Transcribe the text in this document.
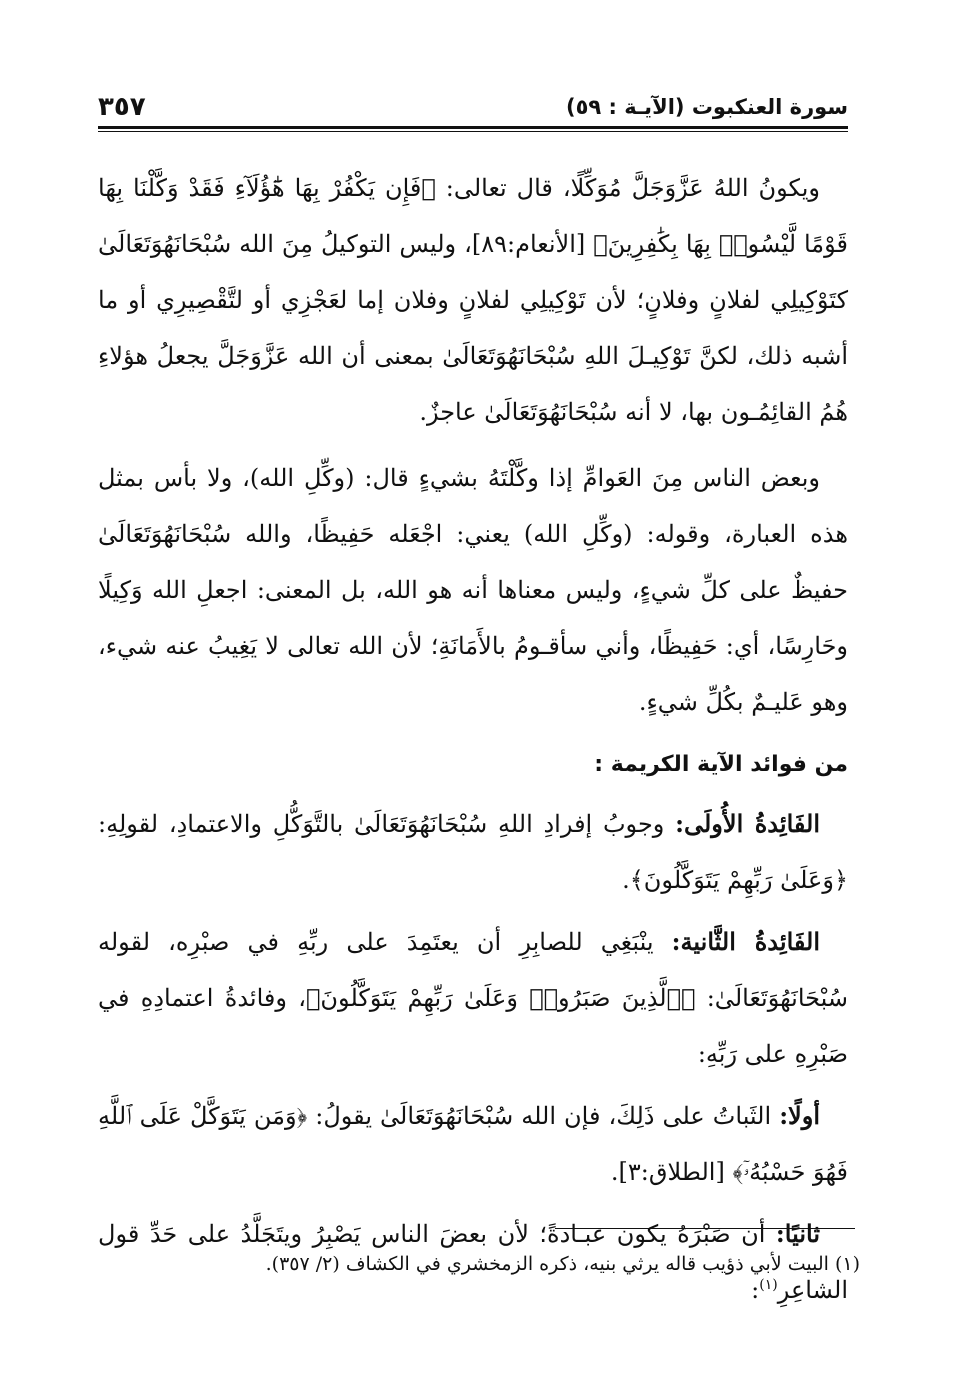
سورة العنكبوت (الآيـة : ٥٩)
٣٥٧

ويكونُ اللهُ عَزَّوَجَلَّ مُوَكِّلًا، قال تعالى: ﴿فَإِن يَكْفُرْ بِهَا هَٰٓؤُلَآءِ فَقَدْ وَكَّلْنَا بِهَا قَوْمًا لَّيْسُوا۟ بِهَا بِكَٰفِرِينَ﴾ [الأنعام:٨٩]، وليس التوكيلُ مِنَ الله سُبْحَانَهُوَتَعَالَىٰ كتَوْكِيلِي لفلانٍ وفلانٍ؛ لأن تَوْكِيلِي لفلانٍ وفلان إما لعَجْزِي أو لتَّقْصِيرِي أو ما أشبه ذلك، لكنَّ تَوْكِيـلَ اللهِ سُبْحَانَهُوَتَعَالَىٰ بمعنى أن الله عَزَّوَجَلَّ يجعلُ هؤلاءِ هُمُ القائِمُـون بها، لا أنه سُبْحَانَهُوَتَعَالَىٰ عاجزٌ.

وبعض الناس مِنَ العَوامِّ إذا وكَّلْتَهُ بشيءٍ قال: (وكِّلِ الله)، ولا بأس بمثل هذه العبارة، وقوله: (وكِّلِ الله) يعني: اجْعَله حَفِيظًا، والله سُبْحَانَهُوَتَعَالَىٰ حفيظٌ على كلِّ شيءٍ، وليس معناها أنه هو الله، بل المعنى: اجعلِ الله وَكِيلًا وحَارِسًا، أي: حَفِيظًا، وأني سأقـومُ بالأَمَانَةِ؛ لأن الله تعالى لا يَغِيبُ عنه شيء، وهو عَليـمٌ بكُلِّ شيءٍ.

من فوائد الآية الكريمة :

الفَائِدةُ الأُولَى: وجوبُ إفرادِ اللهِ سُبْحَانَهُوَتَعَالَىٰ بالتَّوَكُّلِ والاعتمادِ، لقولِهِ: ﴿وَعَلَىٰ رَبِّهِمْ يَتَوَكَّلُونَ﴾.

الفَائِدةُ الثَّانية: ينْبَغِي للصابِرِ أن يعتَمِدَ على ربِّهِ في صبْرِه، لقوله سُبْحَانَهُوَتَعَالَىٰ: ﴿ٱلَّذِينَ صَبَرُوا۟ وَعَلَىٰ رَبِّهِمْ يَتَوَكَّلُونَ﴾، وفائدةُ اعتمادِهِ في صَبْرِهِ على رَبِّهِ:

أولًا: الثَباتُ على ذَلِكَ، فإن الله سُبْحَانَهُوَتَعَالَىٰ يقولُ: ﴿وَمَن يَتَوَكَّلْ عَلَى ٱللَّهِ فَهُوَ حَسْبُهُۥٓ﴾ [الطلاق:٣].

ثانيًا: أن صَبْرَهُ يكون عبـادةً؛ لأن بعضَ الناس يَصْبِرُ ويتَجَلَّدُ على حَدِّ قول الشاعِرِ$^{(١)}$:

(١) البيت لأبي ذؤيب قاله يرثي بنيه، ذكره الزمخشري في الكشاف (٢/ ٣٥٧).
